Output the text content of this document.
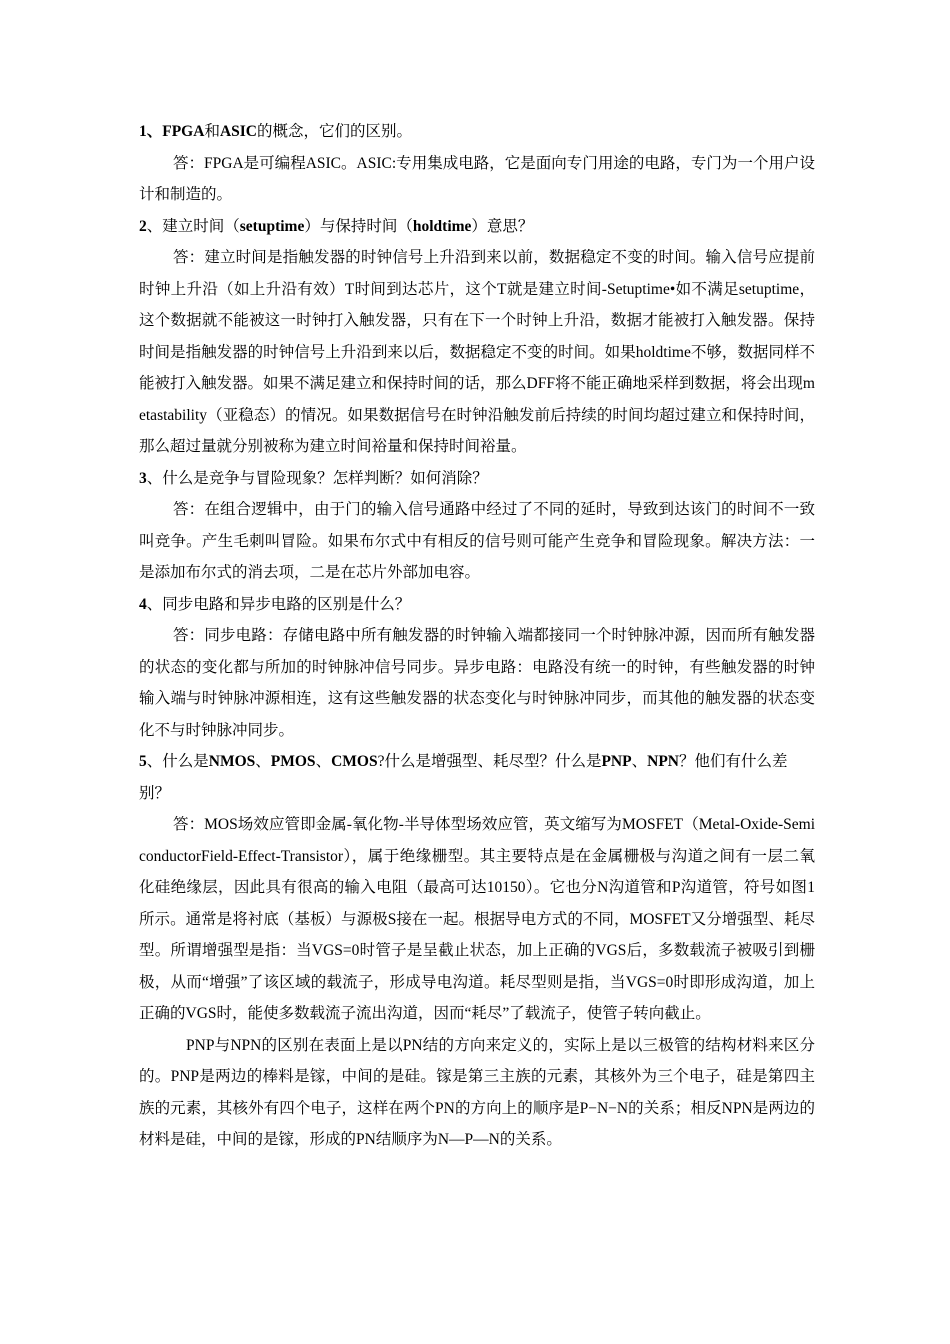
1、FPGA和ASIC的概念，它们的区别。

答：FPGA是可编程ASIC。ASIC:专用集成电路，它是面向专门用途的电路，专门为一个用户设计和制造的。

2、建立时间（setuptime）与保持时间（holdtime）意思？

答：建立时间是指触发器的时钟信号上升沿到来以前，数据稳定不变的时间。输入信号应提前时钟上升沿（如上升沿有效）T时间到达芯片，这个T就是建立时间-Setuptime•如不满足setuptime，这个数据就不能被这一时钟打入触发器，只有在下一个时钟上升沿，数据才能被打入触发器。保持时间是指触发器的时钟信号上升沿到来以后，数据稳定不变的时间。如果holdtime不够，数据同样不能被打入触发器。如果不满足建立和保持时间的话，那么DFF将不能正确地采样到数据，将会出现metastability（亚稳态）的情况。如果数据信号在时钟沿触发前后持续的时间均超过建立和保持时间，那么超过量就分别被称为建立时间裕量和保持时间裕量。

3、什么是竞争与冒险现象？怎样判断？如何消除？

答：在组合逻辑中，由于门的输入信号通路中经过了不同的延时，导致到达该门的时间不一致叫竞争。产生毛刺叫冒险。如果布尔式中有相反的信号则可能产生竞争和冒险现象。解决方法：一是添加布尔式的消去项，二是在芯片外部加电容。

4、同步电路和异步电路的区别是什么？

答：同步电路：存储电路中所有触发器的时钟输入端都接同一个时钟脉冲源，因而所有触发器的状态的变化都与所加的时钟脉冲信号同步。异步电路：电路没有统一的时钟，有些触发器的时钟输入端与时钟脉冲源相连，这有这些触发器的状态变化与时钟脉冲同步，而其他的触发器的状态变化不与时钟脉冲同步。

5、什么是NMOS、PMOS、CMOS?什么是增强型、耗尽型？什么是PNP、NPN？他们有什么差别？

答：MOS场效应管即金属-氧化物-半导体型场效应管，英文缩写为MOSFET（Metal-Oxide-SemiconductorField-Effect-Transistor），属于绝缘栅型。其主要特点是在金属栅极与沟道之间有一层二氧化硅绝缘层，因此具有很高的输入电阻（最高可达10150）。它也分N沟道管和P沟道管，符号如图1所示。通常是将衬底（基板）与源极S接在一起。根据导电方式的不同，MOSFET又分增强型、耗尽型。所谓增强型是指：当VGS=0时管子是呈截止状态，加上正确的VGS后，多数载流子被吸引到栅极，从而“增强”了该区域的载流子，形成导电沟道。耗尽型则是指，当VGS=0时即形成沟道，加上正确的VGS时，能使多数载流子流出沟道，因而“耗尽”了载流子，使管子转向截止。

PNP与NPN的区别在表面上是以PN结的方向来定义的，实际上是以三极管的结构材料来区分的。PNP是两边的棒料是镓，中间的是硅。镓是第三主族的元素，其核外为三个电子，硅是第四主族的元素，其核外有四个电子，这样在两个PN的方向上的顺序是P−N−N的关系；相反NPN是两边的材料是硅，中间的是镓，形成的PN结顺序为N—P—N的关系。
